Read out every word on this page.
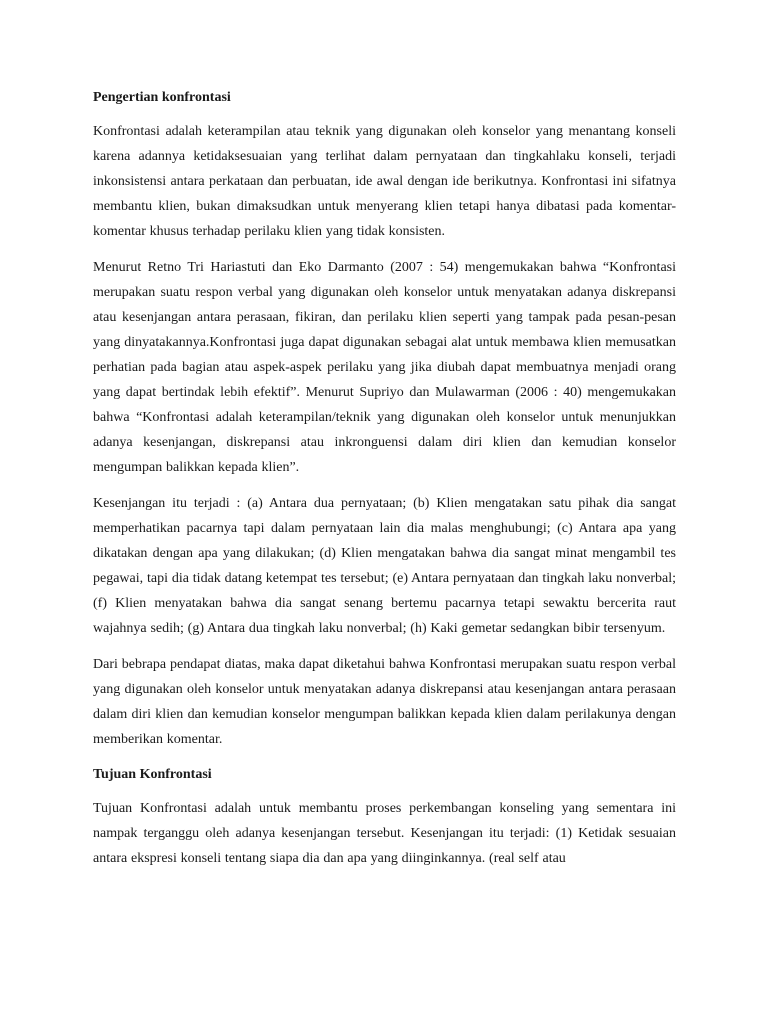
Pengertian konfrontasi

Konfrontasi adalah keterampilan atau teknik yang digunakan oleh konselor yang menantang konseli karena adannya ketidaksesuaian yang terlihat dalam pernyataan dan tingkahlaku konseli, terjadi inkonsistensi antara perkataan dan perbuatan, ide awal dengan ide berikutnya. Konfrontasi ini sifatnya membantu klien, bukan dimaksudkan untuk menyerang klien tetapi hanya dibatasi pada komentar-komentar khusus terhadap perilaku klien yang tidak konsisten.

Menurut Retno Tri Hariastuti dan Eko Darmanto (2007 : 54) mengemukakan bahwa “Konfrontasi merupakan suatu respon verbal yang digunakan oleh konselor untuk menyatakan adanya diskrepansi atau kesenjangan antara perasaan, fikiran, dan perilaku klien seperti yang tampak pada pesan-pesan yang dinyatakannya.Konfrontasi juga dapat digunakan sebagai alat untuk membawa klien memusatkan perhatian pada bagian atau aspek-aspek perilaku yang jika diubah dapat membuatnya menjadi orang yang dapat bertindak lebih efektif”. Menurut Supriyo dan Mulawarman (2006 : 40) mengemukakan bahwa “Konfrontasi adalah keterampilan/teknik yang digunakan oleh konselor untuk menunjukkan adanya kesenjangan, diskrepansi atau inkronguensi dalam diri klien dan kemudian konselor mengumpan balikkan kepada klien”.

Kesenjangan itu terjadi : (a) Antara dua pernyataan; (b) Klien mengatakan satu pihak dia sangat memperhatikan pacarnya tapi dalam pernyataan lain dia malas menghubungi; (c) Antara apa yang dikatakan dengan apa yang dilakukan; (d) Klien mengatakan bahwa dia sangat minat mengambil tes pegawai, tapi dia tidak datang ketempat tes tersebut; (e) Antara pernyataan dan tingkah laku nonverbal; (f) Klien menyatakan bahwa dia sangat senang bertemu pacarnya tetapi sewaktu bercerita raut wajahnya sedih; (g) Antara dua tingkah laku nonverbal; (h) Kaki gemetar sedangkan bibir tersenyum.

Dari bebrapa pendapat diatas, maka dapat diketahui bahwa Konfrontasi merupakan suatu respon verbal yang digunakan oleh konselor untuk menyatakan adanya diskrepansi atau kesenjangan antara perasaan dalam diri klien dan kemudian konselor mengumpan balikkan kepada klien dalam perilakunya dengan memberikan komentar.

Tujuan Konfrontasi

Tujuan Konfrontasi adalah untuk membantu proses perkembangan konseling yang sementara ini nampak terganggu oleh adanya kesenjangan tersebut. Kesenjangan itu terjadi: (1) Ketidak sesuaian antara ekspresi konseli tentang siapa dia dan apa yang diinginkannya. (real self atau
